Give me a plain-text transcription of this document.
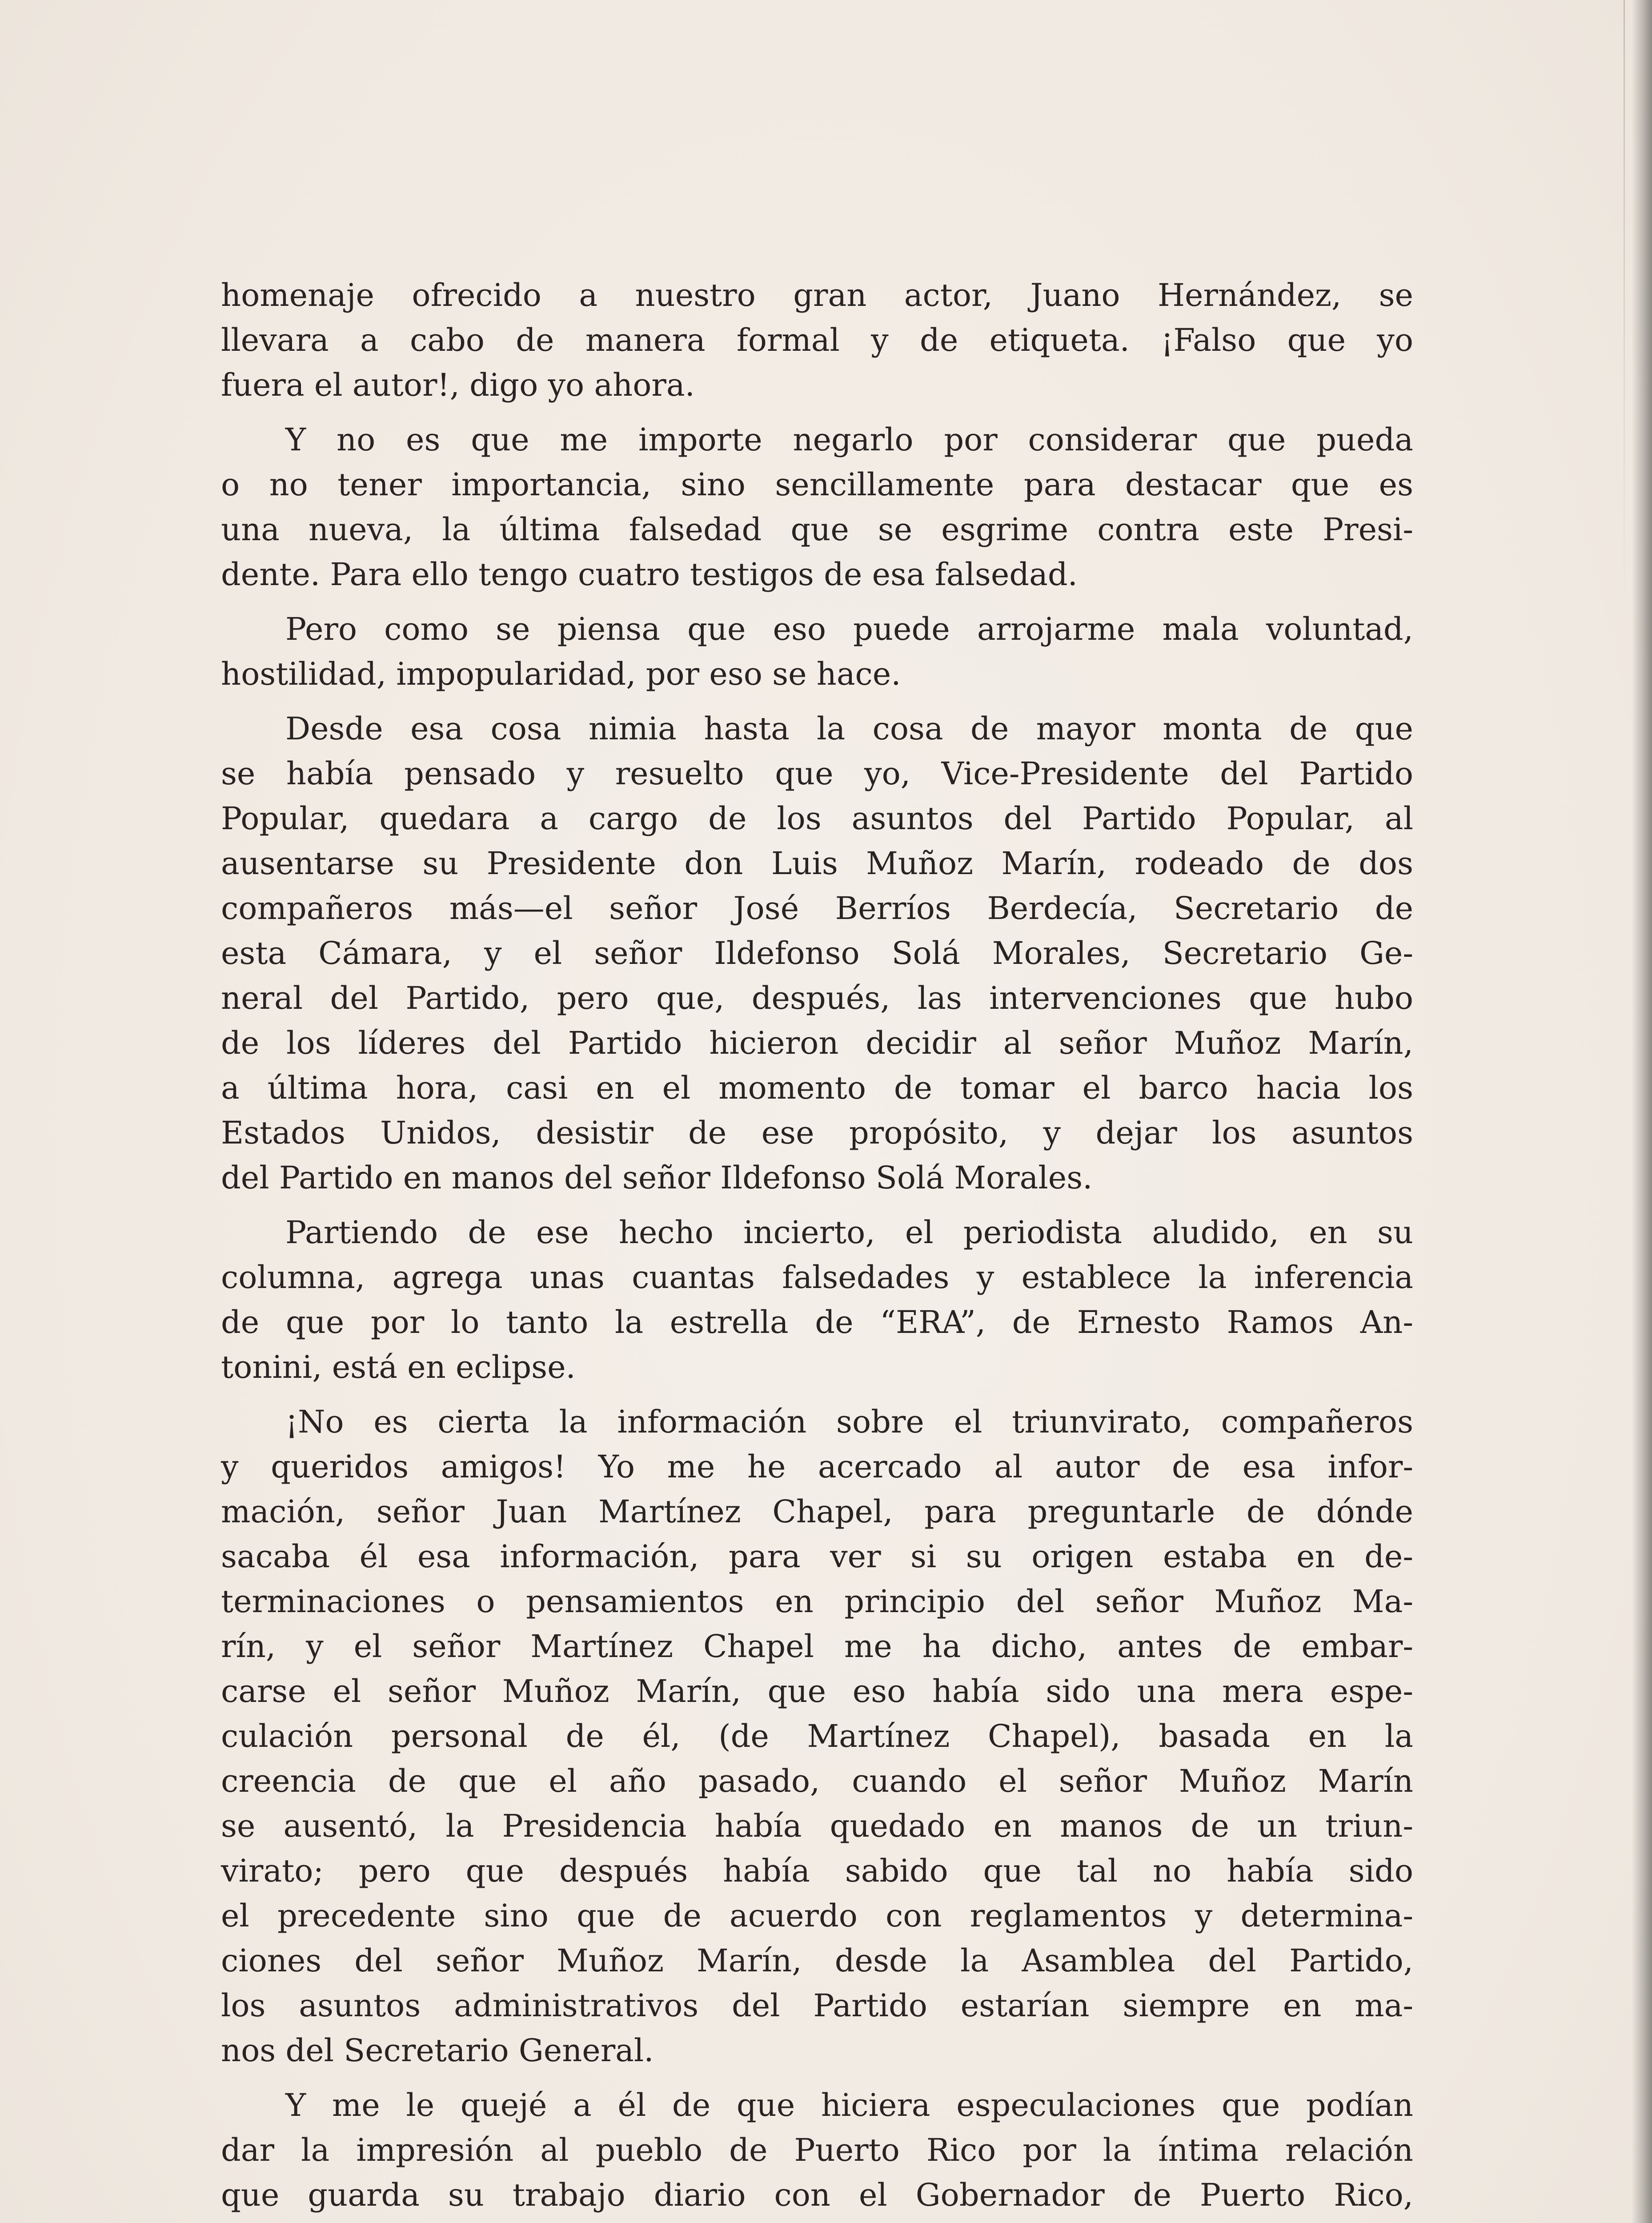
homenaje ofrecido a nuestro gran actor, Juano Hernández, se
llevara a cabo de manera formal y de etiqueta. ¡Falso que yo
fuera el autor!, digo yo ahora.
Y no es que me importe negarlo por considerar que pueda
o no tener importancia, sino sencillamente para destacar que es
una nueva, la última falsedad que se esgrime contra este Presi-
dente. Para ello tengo cuatro testigos de esa falsedad.
Pero como se piensa que eso puede arrojarme mala voluntad,
hostilidad, impopularidad, por eso se hace.
Desde esa cosa nimia hasta la cosa de mayor monta de que
se había pensado y resuelto que yo, Vice-Presidente del Partido
Popular, quedara a cargo de los asuntos del Partido Popular, al
ausentarse su Presidente don Luis Muñoz Marín, rodeado de dos
compañeros más—el señor José Berríos Berdecía, Secretario de
esta Cámara, y el señor Ildefonso Solá Morales, Secretario Ge-
neral del Partido, pero que, después, las intervenciones que hubo
de los líderes del Partido hicieron decidir al señor Muñoz Marín,
a última hora, casi en el momento de tomar el barco hacia los
Estados Unidos, desistir de ese propósito, y dejar los asuntos
del Partido en manos del señor Ildefonso Solá Morales.
Partiendo de ese hecho incierto, el periodista aludido, en su
columna, agrega unas cuantas falsedades y establece la inferencia
de que por lo tanto la estrella de “ERA”, de Ernesto Ramos An-
tonini, está en eclipse.
¡No es cierta la información sobre el triunvirato, compañeros
y queridos amigos! Yo me he acercado al autor de esa infor-
mación, señor Juan Martínez Chapel, para preguntarle de dónde
sacaba él esa información, para ver si su origen estaba en de-
terminaciones o pensamientos en principio del señor Muñoz Ma-
rín, y el señor Martínez Chapel me ha dicho, antes de embar-
carse el señor Muñoz Marín, que eso había sido una mera espe-
culación personal de él, (de Martínez Chapel), basada en la
creencia de que el año pasado, cuando el señor Muñoz Marín
se ausentó, la Presidencia había quedado en manos de un triun-
virato; pero que después había sabido que tal no había sido
el precedente sino que de acuerdo con reglamentos y determina-
ciones del señor Muñoz Marín, desde la Asamblea del Partido,
los asuntos administrativos del Partido estarían siempre en ma-
nos del Secretario General.
Y me le quejé a él de que hiciera especulaciones que podían
dar la impresión al pueblo de Puerto Rico por la íntima relación
que guarda su trabajo diario con el Gobernador de Puerto Rico,
